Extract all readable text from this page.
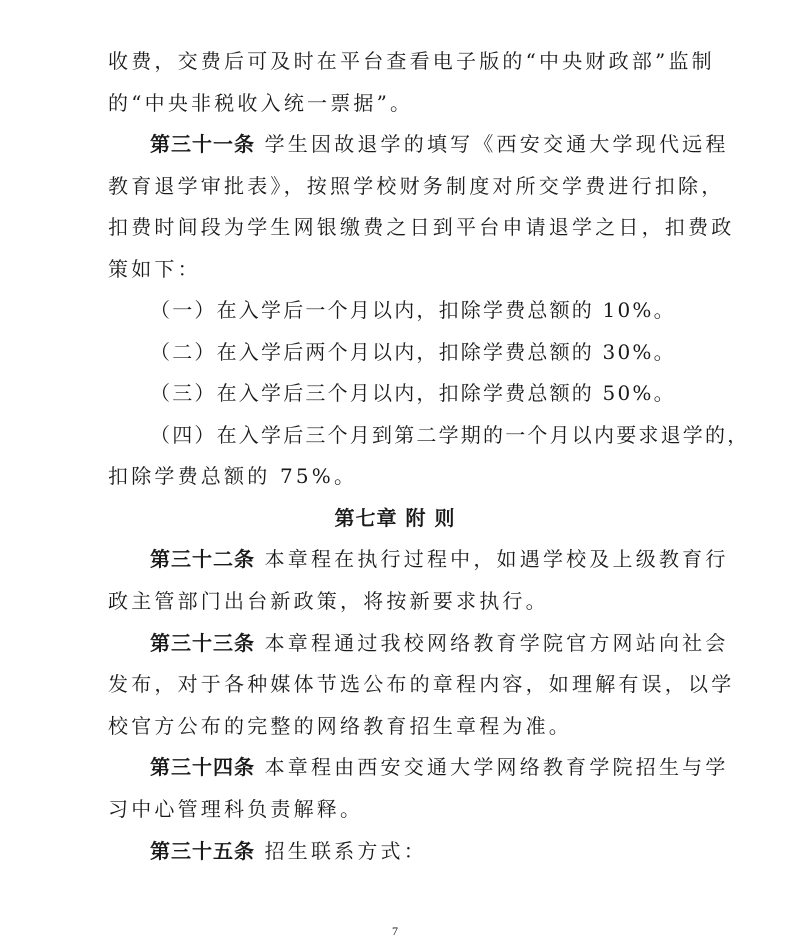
收费，交费后可及时在平台查看电子版的“中央财政部”监制
的“中央非税收入统一票据”。
第三十一条 学生因故退学的填写《西安交通大学现代远程
教育退学审批表》，按照学校财务制度对所交学费进行扣除，
扣费时间段为学生网银缴费之日到平台申请退学之日，扣费政
策如下：
（一）在入学后一个月以内，扣除学费总额的 10%。
（二）在入学后两个月以内，扣除学费总额的 30%。
（三）在入学后三个月以内，扣除学费总额的 50%。
（四）在入学后三个月到第二学期的一个月以内要求退学的，
扣除学费总额的 75%。
第七章 附 则
第三十二条 本章程在执行过程中，如遇学校及上级教育行
政主管部门出台新政策，将按新要求执行。
第三十三条 本章程通过我校网络教育学院官方网站向社会
发布，对于各种媒体节选公布的章程内容，如理解有误，以学
校官方公布的完整的网络教育招生章程为准。
第三十四条 本章程由西安交通大学网络教育学院招生与学
习中心管理科负责解释。
第三十五条 招生联系方式：
7
